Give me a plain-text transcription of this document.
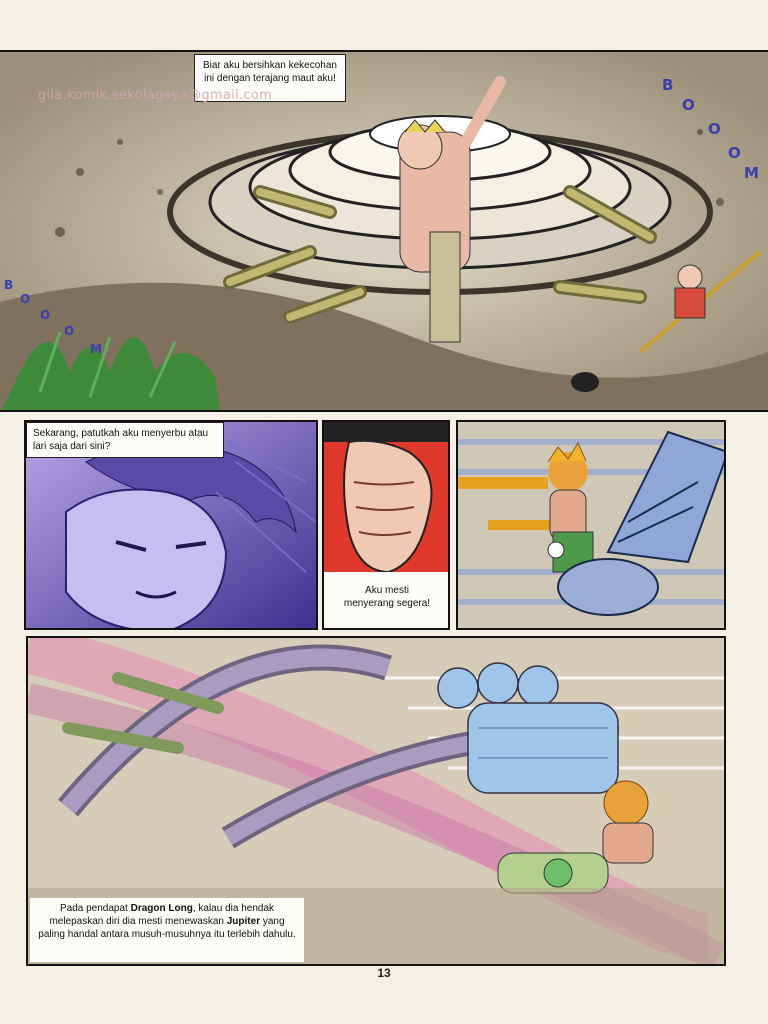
gila.komik.sekolagaya@gmail.com
Biar aku bersihkan kekecohan ini dengan terajang maut aku!	B
O
O
O
M
B
O
O
O
M
Sekarang, patutkah aku menyerbu atau lari saja dari sini?
Aku mesti menyerang segera!
Pada pendapat Dragon Long, kalau dia hendak melepaskan diri dia mesti menewaskan Jupiter yang paling handal antara musuh-musuhnya itu terlebih dahulu.
13
